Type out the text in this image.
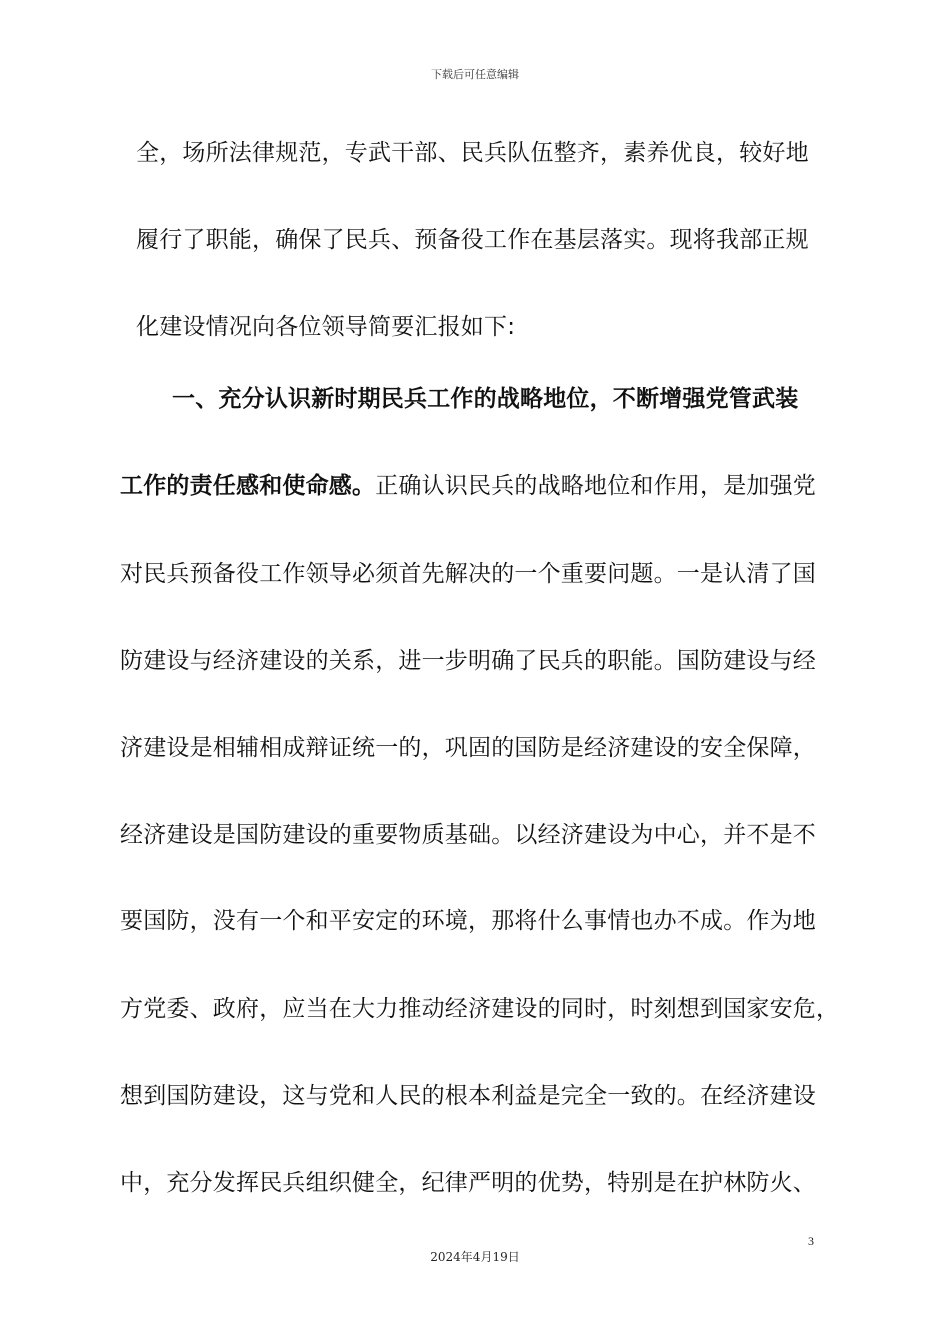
下载后可任意编辑
全，场所法律规范，专武干部、民兵队伍整齐，素养优良，较好地
履行了职能，确保了民兵、预备役工作在基层落实。现将我部正规
化建设情况向各位领导简要汇报如下:
一、充分认识新时期民兵工作的战略地位，不断增强党管武装
工作的责任感和使命感。正确认识民兵的战略地位和作用，是加强党
对民兵预备役工作领导必须首先解决的一个重要问题。一是认清了国
防建设与经济建设的关系，进一步明确了民兵的职能。国防建设与经
济建设是相辅相成辩证统一的，巩固的国防是经济建设的安全保障，
经济建设是国防建设的重要物质基础。以经济建设为中心，并不是不
要国防，没有一个和平安定的环境，那将什么事情也办不成。作为地
方党委、政府，应当在大力推动经济建设的同时，时刻想到国家安危，
想到国防建设，这与党和人民的根本利益是完全一致的。在经济建设
中，充分发挥民兵组织健全，纪律严明的优势，特别是在护林防火、
3
2024年4月19日
